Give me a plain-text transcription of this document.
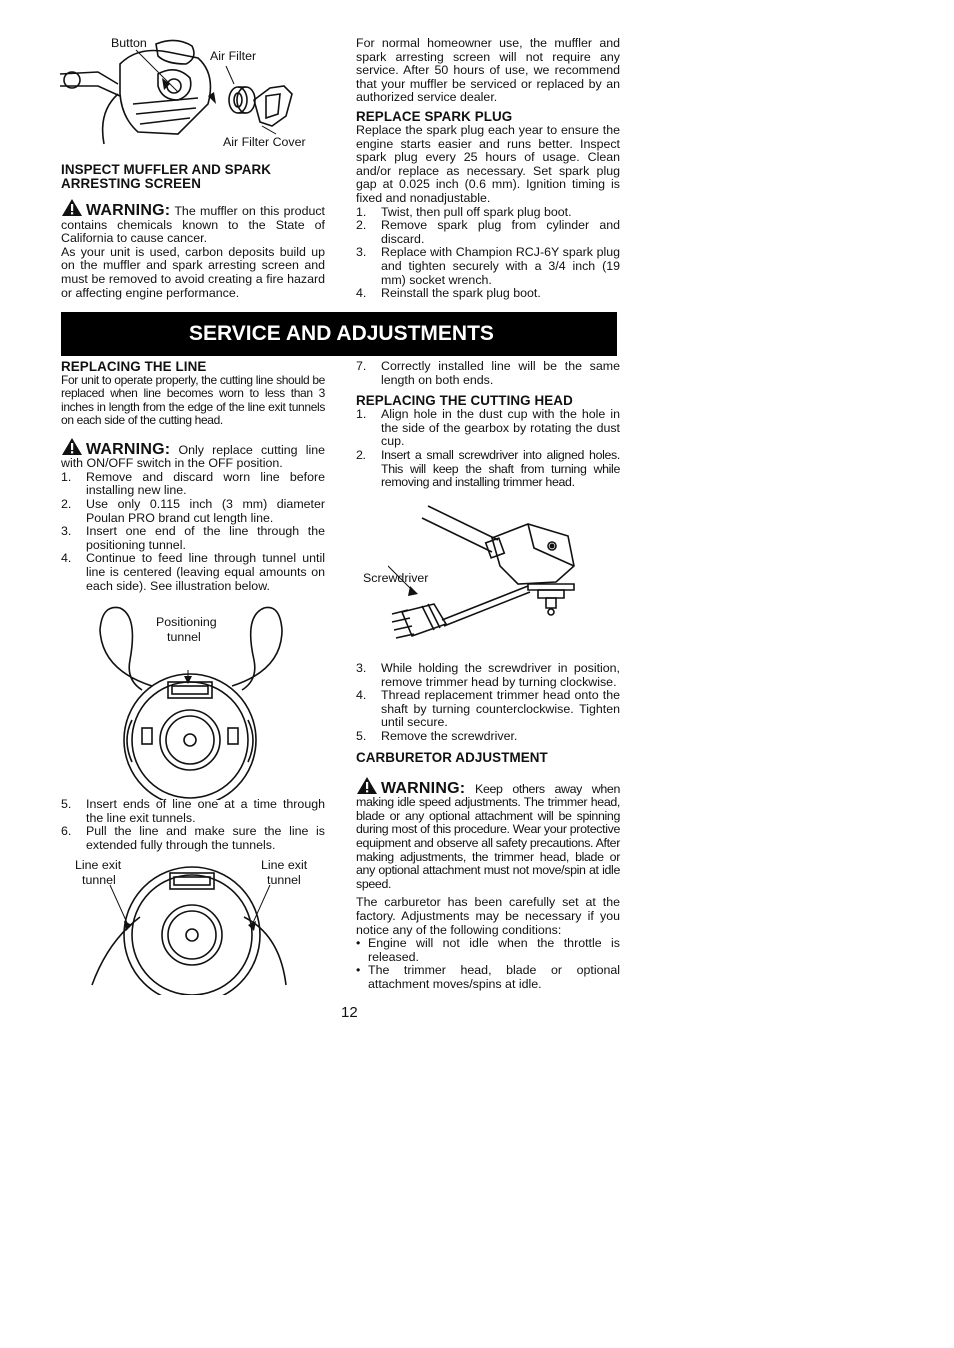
Button
Air Filter
Air Filter Cover
INSPECT MUFFLER AND SPARK
ARRESTING SCREEN

WARNING: The muffler on this product contains chemicals known to the State of California to cause cancer.

As your unit is used, carbon deposits build up on the muffler and spark arresting screen and must be removed to avoid creating a fire hazard or affecting engine performance.

For normal homeowner use, the muffler and spark arresting screen will not require any service. After 50 hours of use, we recommend that your muffler be serviced or replaced by an authorized service dealer.

REPLACE SPARK PLUG

Replace the spark plug each year to ensure the engine starts easier and runs better. Inspect spark plug every 25 hours of usage. Clean and/or replace as necessary. Set spark plug gap at 0.025 inch (0.6 mm). Ignition timing is fixed and nonadjustable.

1. Twist, then pull off spark plug boot.
2. Remove spark plug from cylinder and discard.
3. Replace with Champion RCJ-6Y spark plug and tighten securely with a 3/4 inch (19 mm) socket wrench.
4. Reinstall the spark plug boot.
SERVICE AND ADJUSTMENTS
REPLACING THE LINE

For unit to operate properly, the cutting line should be replaced when line becomes worn to less than 3 inches in length from the edge of the line exit tunnels on each side of the cutting head.

WARNING: Only replace cutting line with ON/OFF switch in the OFF position.

1. Remove and discard worn line before installing new line.
2. Use only 0.115 inch (3 mm) diameter Poulan PRO brand cut length line.
3. Insert one end of the line through the positioning tunnel.
4. Continue to feed line through tunnel until line is centered (leaving equal amounts on each side). See illustration below.
Positioning
tunnel
5. Insert ends of line one at a time through the line exit tunnels.
6. Pull the line and make sure the line is extended fully through the tunnels.
Line exit
tunnel
Line exit
tunnel
7. Correctly installed line will be the same length on both ends.
REPLACING THE CUTTING HEAD
1. Align hole in the dust cup with the hole in the side of the gearbox by rotating the dust cup.
2. Insert a small screwdriver into aligned holes. This will keep the shaft from turning while removing and installing trimmer head.
Screwdriver
3. While holding the screwdriver in position, remove trimmer head by turning clockwise.
4. Thread replacement trimmer head onto the shaft by turning counterclockwise. Tighten until secure.
5. Remove the screwdriver.
CARBURETOR ADJUSTMENT

WARNING: Keep others away when making idle speed adjustments. The trimmer head, blade or any optional attachment will be spinning during most of this procedure. Wear your protective equipment and observe all safety precautions. After making adjustments, the trimmer head, blade or any optional attachment must not move/spin at idle speed.

The carburetor has been carefully set at the factory. Adjustments may be necessary if you notice any of the following conditions:

• Engine will not idle when the throttle is released.
• The trimmer head, blade or optional attachment moves/spins at idle.
12
